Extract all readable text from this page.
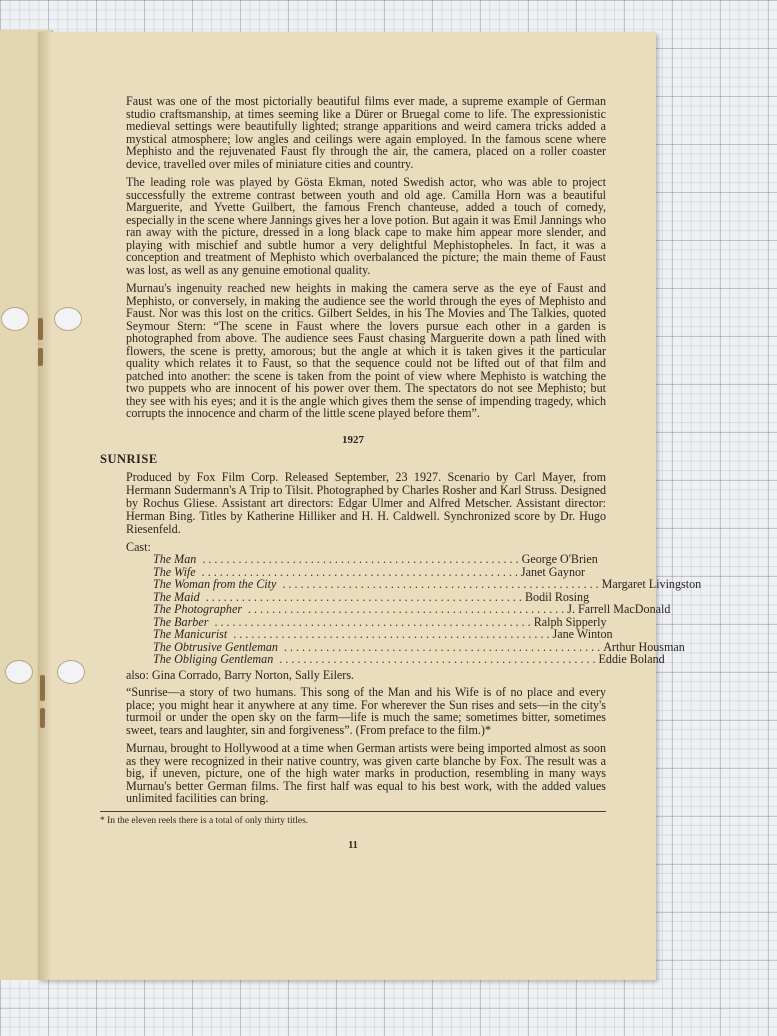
Faust was one of the most pictorially beautiful films ever made, a supreme example of German studio craftsmanship, at times seeming like a Dürer or Bruegal come to life. The expressionistic medieval settings were beautifully lighted; strange apparitions and weird camera tricks added a mystical atmosphere; low angles and ceilings were again employed. In the famous scene where Mephisto and the rejuvenated Faust fly through the air, the camera, placed on a roller coaster device, travelled over miles of miniature cities and country.

The leading role was played by Gösta Ekman, noted Swedish actor, who was able to project successfully the extreme contrast between youth and old age. Camilla Horn was a beautiful Marguerite, and Yvette Guilbert, the famous French chanteuse, added a touch of comedy, especially in the scene where Jannings gives her a love potion. But again it was Emil Jannings who ran away with the picture, dressed in a long black cape to make him appear more slender, and playing with mischief and subtle humor a very delightful Mephistopheles. In fact, it was a conception and treatment of Mephisto which overbalanced the picture; the main theme of Faust was lost, as well as any genuine emotional quality.

Murnau's ingenuity reached new heights in making the camera serve as the eye of Faust and Mephisto, or conversely, in making the audience see the world through the eyes of Mephisto and Faust. Nor was this lost on the critics. Gilbert Seldes, in his The Movies and The Talkies, quoted Seymour Stern: “The scene in Faust where the lovers pursue each other in a garden is photographed from above. The audience sees Faust chasing Marguerite down a path lined with flowers, the scene is pretty, amorous; but the angle at which it is taken gives it the particular quality which relates it to Faust, so that the sequence could not be lifted out of that film and patched into another: the scene is taken from the point of view where Mephisto is watching the two puppets who are innocent of his power over them. The spectators do not see Mephisto; but they see with his eyes; and it is the angle which gives them the sense of impending tragedy, which corrupts the innocence and charm of the little scene played before them”.

1927
SUNRISE

Produced by Fox Film Corp. Released September, 23 1927. Scenario by Carl Mayer, from Hermann Sudermann's A Trip to Tilsit. Photographed by Charles Rosher and Karl Struss. Designed by Rochus Gliese. Assistant art directors: Edgar Ulmer and Alfred Metscher. Assistant director: Herman Bing. Titles by Katherine Hilliker and H. H. Caldwell. Synchronized score by Dr. Hugo Riesenfeld.

Cast:
The Man ..................................................... George O'Brien
The Wife ..................................................... Janet Gaynor
The Woman from the City ..................................................... Margaret Livingston
The Maid ..................................................... Bodil Rosing
The Photographer ..................................................... J. Farrell MacDonald
The Barber ..................................................... Ralph Sipperly
The Manicurist ..................................................... Jane Winton
The Obtrusive Gentleman ..................................................... Arthur Housman
The Obliging Gentleman ..................................................... Eddie Boland
also: Gina Corrado, Barry Norton, Sally Eilers.

“Sunrise—a story of two humans. This song of the Man and his Wife is of no place and every place; you might hear it anywhere at any time. For wherever the Sun rises and sets—in the city's turmoil or under the open sky on the farm—life is much the same; sometimes bitter, sometimes sweet, tears and laughter, sin and forgiveness”. (From preface to the film.)*

Murnau, brought to Hollywood at a time when German artists were being imported almost as soon as they were recognized in their native country, was given carte blanche by Fox. The result was a big, if uneven, picture, one of the high water marks in production, resembling in many ways Murnau's better German films. The first half was equal to his best work, with the added values unlimited facilities can bring.

* In the eleven reels there is a total of only thirty titles.
11
